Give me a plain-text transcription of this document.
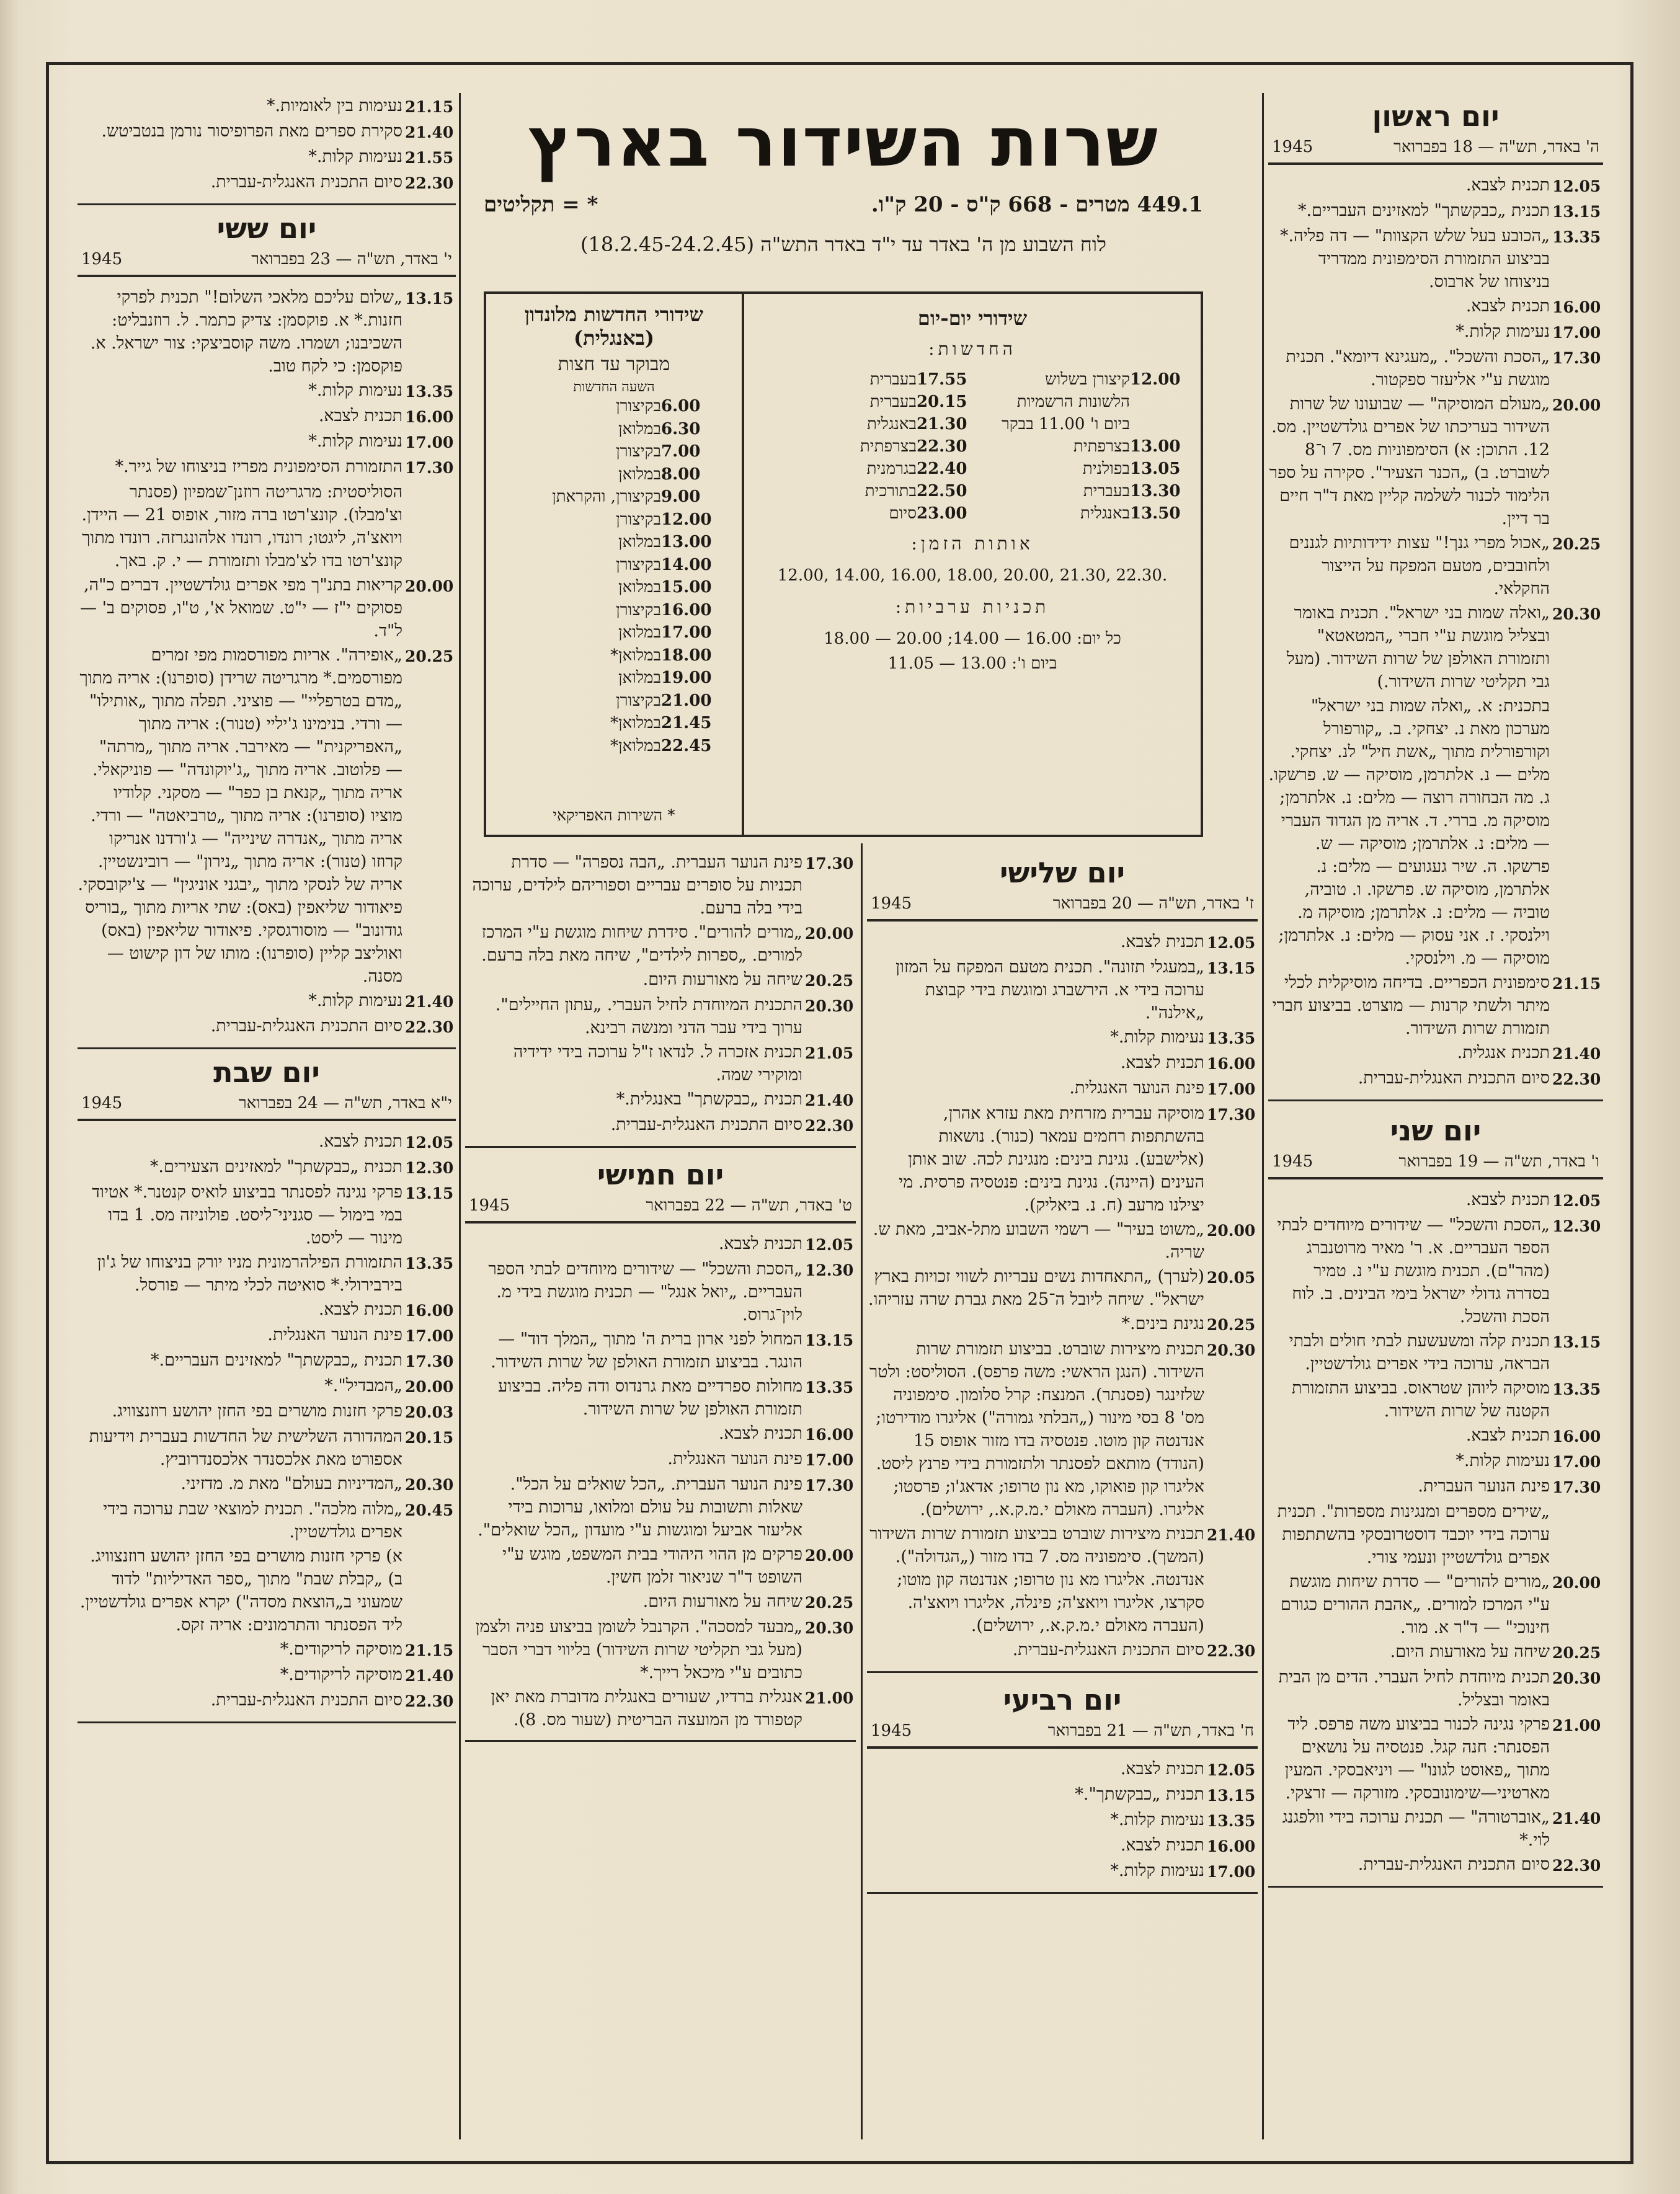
שרות השידור בארץ
449.1 מטרים - 668 ק"ס - 20 ק"ו.
* = תקליטים
לוח השבוע מן ה' באדר עד י"ד באדר התש"ה (18.2.45-24.2.45)
שידורי יום-יום
החדשות:
12.00
קיצורן בשלוש
הלשונות הרשמיות
ביום ו' 11.00 בבקר
13.00
בצרפתית
13.05
בפולנית
13.30
בעברית
13.50
באנגלית
17.55
בעברית
20.15
בעברית
21.30
באנגלית
22.30
בצרפתית
22.40
בגרמנית
22.50
בתורכית
23.00
סיום
אותות הזמן:
12.00, 14.00, 16.00, 18.00, 20.00, 21.30, 22.30.
תכניות ערביות:
כל יום: 16.00 — 14.00; 20.00 — 18.00
ביום ו': 13.00 — 11.05
שידורי החדשות מלונדון (באנגלית)
מבוקר עד חצות
השעה החדשות
6.00
בקיצורן
6.30
במלואן
7.00
בקיצורן
8.00
במלואן
9.00
בקיצורן, והקראתן
12.00
בקיצורן
13.00
במלואן
14.00
בקיצורן
15.00
במלואן
16.00
בקיצורן
17.00
במלואן
18.00
במלואן*
19.00
במלואן
21.00
בקיצורן
21.45
במלואן*
22.45
במלואן*
* השירות האפריקאי
יום ראשון
ה' באדר, תש"ה — 18 בפברואר
1945
12.05
תכנית לצבא.
13.15
תכנית „כבקשתך" למאזינים העבריים.*
13.35
„הכובע בעל שלש הקצוות" — דה פליה.* בביצוע התזמורת הסימפונית ממדריד בניצוחו של ארבוס.
16.00
תכנית לצבא.
17.00
נעימות קלות.*
17.30
„הסכת והשכל". „מעגינא דיומא". תכנית מוגשת ע"י אליעזר ספקטור.
20.00
„מעולם המוסיקה" — שבועונו של שרות השידור בעריכתו של אפרים גולדשטיין. מס. 12. התוכן: א) הסימפוניות מס. 7 ו־8 לשוברט. ב) „הכנר הצעיר". סקירה על ספר הלימוד לכנור לשלמה קליין מאת ד"ר חיים בר דיין.
20.25
„אכול מפרי גנך!" עצות ידידותיות לגננים ולחובבים, מטעם המפקח על הייצור החקלאי.
20.30
„ואלה שמות בני ישראל". תכנית באומר ובצליל מוגשת ע"י חברי „המטאטא" ותזמורת האולפן של שרות השידור. (מעל גבי תקליטי שרות השידור.)
בתכנית: א. „ואלה שמות בני ישראל" מערכון מאת נ. יצחקי. ב. „קורפורל וקורפורלית מתוך „אשת חיל" לנ. יצחקי. מלים — נ. אלתרמן, מוסיקה — ש. פרשקו. ג. מה הבחורה רוצה — מלים: נ. אלתרמן; מוסיקה מ. בררי. ד. אריה מן הגדוד העברי — מלים: נ. אלתרמן; מוסיקה — ש. פרשקו. ה. שיר געגועים — מלים: נ. אלתרמן, מוסיקה ש. פרשקו. ו. טוביה, טוביה — מלים: נ. אלתרמן; מוסיקה מ. וילנסקי. ז. אני עסוק — מלים: נ. אלתרמן; מוסיקה — מ. וילנסקי.
21.15
סימפונית הכפריים. בדיחה מוסיקלית לכלי מיתר ולשתי קרנות — מוצרט. בביצוע חברי תזמורת שרות השידור.
21.40
תכנית אנגלית.
22.30
סיום התכנית האנגלית-עברית.
יום שני
ו' באדר, תש"ה — 19 בפברואר
1945
12.05
תכנית לצבא.
12.30
„הסכת והשכל" — שידורים מיוחדים לבתי הספר העבריים. א. ר' מאיר מרוטנברג (מהר"ם). תכנית מוגשת ע"י נ. טמיר בסדרה גדולי ישראל בימי הבינים. ב. לוח הסכת והשכל.
13.15
תכנית קלה ומשעשעת לבתי חולים ולבתי הבראה, ערוכה בידי אפרים גולדשטיין.
13.35
מוסיקה ליוהן שטראוס. בביצוע התזמורת הקטנה של שרות השידור.
16.00
תכנית לצבא.
17.00
נעימות קלות.*
17.30
פינת הנוער העברית.
„שירים מספרים ומנגינות מספרות". תכנית ערוכה בידי יוכבד דוסטרובסקי בהשתתפות אפרים גולדשטיין ונעמי צורי.
20.00
„מורים להורים" — סדרת שיחות מוגשת ע"י המרכז למורים. „אהבת ההורים כגורם חינוכי" — ד"ר א. מור.
20.25
שיחה על מאורעות היום.
20.30
תכנית מיוחדת לחיל העברי. הדים מן הבית באומר ובצליל.
21.00
פרקי נגינה לכנור בביצוע משה פרפס. ליד הפסנתר: חנה קגל. פנטסיה על נושאים מתוך „פאוסט לגונו" — ויניאבסקי. המעין מארטיני—שימונובסקי. מזורקה — זרצקי.
21.40
„אוברטורה" — תכנית ערוכה בידי וולפגנג לוי.*
22.30
סיום התכנית האנגלית-עברית.
יום שלישי
ז' באדר, תש"ה — 20 בפברואר
1945
12.05
תכנית לצבא.
13.15
„במעגלי תזונה". תכנית מטעם המפקח על המזון ערוכה בידי א. הירשברג ומוגשת בידי קבוצת „אילנה".
13.35
נעימות קלות.*
16.00
תכנית לצבא.
17.00
פינת הנוער האנגלית.
17.30
מוסיקה עברית מזרחית מאת עזרא אהרן, בהשתתפות רחמים עמאר (כנור). נושאות (אלישבע). נגינת בינים: מנגינת לכה. שוב אותן העינים (היינה). נגינת בינים: פנטסיה פרסית. מי יצילנו מרעב (ח. נ. ביאליק).
20.00
„משוט בעיר" — רשמי השבוע מתל-אביב, מאת ש. שריה.
20.05
(לערך) „התאחדות נשים עבריות לשווי זכויות בארץ ישראל". שיחה ליובל ה־25 מאת גברת שרה עזריהו.
20.25
נגינת בינים.*
20.30
תכנית מיצירות שוברט. בביצוע תזמורת שרות השידור. (הנגן הראשי: משה פרפס). הסוליסט: ולטר שלזינגר (פסנתר). המנצח: קרל סלומון. סימפוניה מס' 8 בסי מינור („הבלתי גמורה") אליגרו מודירטו; אנדנטה קון מוטו. פנטסיה בדו מזור אופוס 15 (הנודד) מותאם לפסנתר ולתזמורת בידי פרנץ ליסט. אליגרו קון פואוקו, מא נון טרופו; אדאג'ו; פרסטו; אליגרו. (העברה מאולם י.מ.ק.א., ירושלים).
21.40
תכנית מיצירות שוברט בביצוע תזמורת שרות השידור (המשך). סימפוניה מס. 7 בדו מזור („הגדולה"). אנדנטה. אליגרו מא נון טרופו; אנדנטה קון מוטו; סקרצו, אליגרו ויואצ'ה; פינלה, אליגרו ויואצ'ה. (העברה מאולם י.מ.ק.א., ירושלים).
22.30
סיום התכנית האנגלית-עברית.
יום רביעי
ח' באדר, תש"ה — 21 בפברואר
1945
12.05
תכנית לצבא.
13.15
תכנית „כבקשתך".*
13.35
נעימות קלות.*
16.00
תכנית לצבא.
17.00
נעימות קלות.*
17.30
פינת הנוער העברית. „הבה נספרה" — סדרת תכניות על סופרים עבריים וספוריהם לילדים, ערוכה בידי בלה ברעם.
20.00
„מורים להורים". סידרת שיחות מוגשת ע"י המרכז למורים. „ספרות לילדים", שיחה מאת בלה ברעם.
20.25
שיחה על מאורעות היום.
20.30
התכנית המיוחדת לחיל העברי. „עתון החיילים". ערוך בידי עבר הדני ומנשה רבינא.
21.05
תכנית אזכרה ל. לנדאו ז"ל ערוכה בידי ידידיה ומוקירי שמה.
21.40
תכנית „כבקשתך" באנגלית.*
22.30
סיום התכנית האנגלית-עברית.
יום חמישי
ט' באדר, תש"ה — 22 בפברואר
1945
12.05
תכנית לצבא.
12.30
„הסכת והשכל" — שידורים מיוחדים לבתי הספר העבריים. „יואל אנגל" — תכנית מוגשת בידי מ. לוין־גרוס.
13.15
המחול לפני ארון ברית ה' מתוך „המלך דוד" — הונגר. בביצוע תזמורת האולפן של שרות השידור.
13.35
מחולות ספרדיים מאת גרנדוס ודה פליה. בביצוע תזמורת האולפן של שרות השידור.
16.00
תכנית לצבא.
17.00
פינת הנוער האנגלית.
17.30
פינת הנוער העברית. „הכל שואלים על הכל". שאלות ותשובות על עולם ומלואו, ערוכות בידי אליעזר אביעל ומוגשות ע"י מועדון „הכל שואלים".
20.00
פרקים מן ההוי היהודי בבית המשפט, מוגש ע"י השופט ד"ר שניאור זלמן חשין.
20.25
שיחה על מאורעות היום.
20.30
„מבעד למסכה". הקרנבל לשומן בביצוע פניה ולצמן (מעל גבי תקליטי שרות השידור) בליווי דברי הסבר כתובים ע"י מיכאל רייך.*
21.00
אנגלית ברדיו, שעורים באנגלית מדוברת מאת יאן קטפורד מן המועצה הבריטית (שעור מס. 8).
21.15
נעימות בין לאומיות.*
21.40
סקירת ספרים מאת הפרופיסור נורמן בנטביטש.
21.55
נעימות קלות.*
22.30
סיום התכנית האנגלית-עברית.
יום ששי
י' באדר, תש"ה — 23 בפברואר
1945
13.15
„שלום עליכם מלאכי השלום!" תכנית לפרקי חזנות.* א. פוקסמן: צדיק כתמר. ל. רוזנבליט: השכיבנו; ושמרו. משה קוסביצקי: צור ישראל. א. פוקסמן: כי לקח טוב.
13.35
נעימות קלות.*
16.00
תכנית לצבא.
17.00
נעימות קלות.*
17.30
התזמורת הסימפונית מפריז בניצוחו של גייר.*
הסוליסטית: מרגריטה רוזנן־שמפיון (פסנתר וצ'מבלו). קונצ'רטו ברה מזור, אופוס 21 — היידן. ויואצ'ה, ליגטו; רונדו, רונדו אלהונגרזה. רונדו מתוך קונצ'רטו בדו לצ'מבלו ותזמורת — י. ק. באך.
20.00
קריאות בתנ"ך מפי אפרים גולדשטיין. דברים כ"ה, פסוקים י"ז — י"ט. שמואל א', ט"ו, פסוקים ב' — ל"ד.
20.25
„אופירה". אריות מפורסמות מפי זמרים מפורסמים.* מרגריטה שרידן (סופרנו): אריה מתוך „מדם בטרפליי" — פוציני. תפלה מתוך „אותילו" — ורדי. בנימינו ג'יליי (טנור): אריה מתוך „האפריקנית" — מאירבר. אריה מתוך „מרתה" — פלוטוב. אריה מתוך „ג'יוקונדה" — פוניקאלי. אריה מתוך „קנאת בן כפר" — מסקני. קלודיו מוציו (סופרנו): אריה מתוך „טרביאטה" — ורדי. אריה מתוך „אנדרה שינייה" — ג'ורדנו אנריקו קרוזו (טנור): אריה מתוך „נירון" — רובינשטיין. אריה של לנסקי מתוך „יבגני אוניגין" — צ'יקובסקי. פיאודור שליאפין (באס): שתי אריות מתוך „בוריס גודונוב" — מוסורגסקי. פיאודור שליאפין (באס) ואוליצב קליין (סופרנו): מותו של דון קישוט — מסנה.
21.40
נעימות קלות.*
22.30
סיום התכנית האנגלית-עברית.
יום שבת
י"א באדר, תש"ה — 24 בפברואר
1945
12.05
תכנית לצבא.
12.30
תכנית „כבקשתך" למאזינים הצעירים.*
13.15
פרקי נגינה לפסנתר בביצוע לואיס קנטנר.* אטיוד במי בימול — סגניני־ליסט. פולוניזה מס. 1 בדו מינור — ליסט.
13.35
התזמורת הפילהרמונית מניו יורק בניצוחו של ג'ון בירבירולי.* סואיטה לכלי מיתר — פורסל.
16.00
תכנית לצבא.
17.00
פינת הנוער האנגלית.
17.30
תכנית „כבקשתך" למאזינים העבריים.*
20.00
„המבדיל".*
20.03
פרקי חזנות מושרים בפי החזן יהושע רוזנצוויג.
20.15
המהדורה השלישית של החדשות בעברית וידיעות אספורט מאת אלכסנדר אלכסנדרוביץ.
20.30
„המדיניות בעולם" מאת מ. מדזיני.
20.45
„מלוה מלכה". תכנית למוצאי שבת ערוכה בידי אפרים גולדשטיין.
א) פרקי חזנות מושרים בפי החזן יהושע רוזנצוויג. ב) „קבלת שבת" מתוך „ספר האדיליות" לדוד שמעוני ב„הוצאת מסדה") יקרא אפרים גולדשטיין. ליד הפסנתר והתרמונים: אריה זקס.
21.15
מוסיקה לריקודים.*
21.40
מוסיקה לריקודים.*
22.30
סיום התכנית האנגלית-עברית.
